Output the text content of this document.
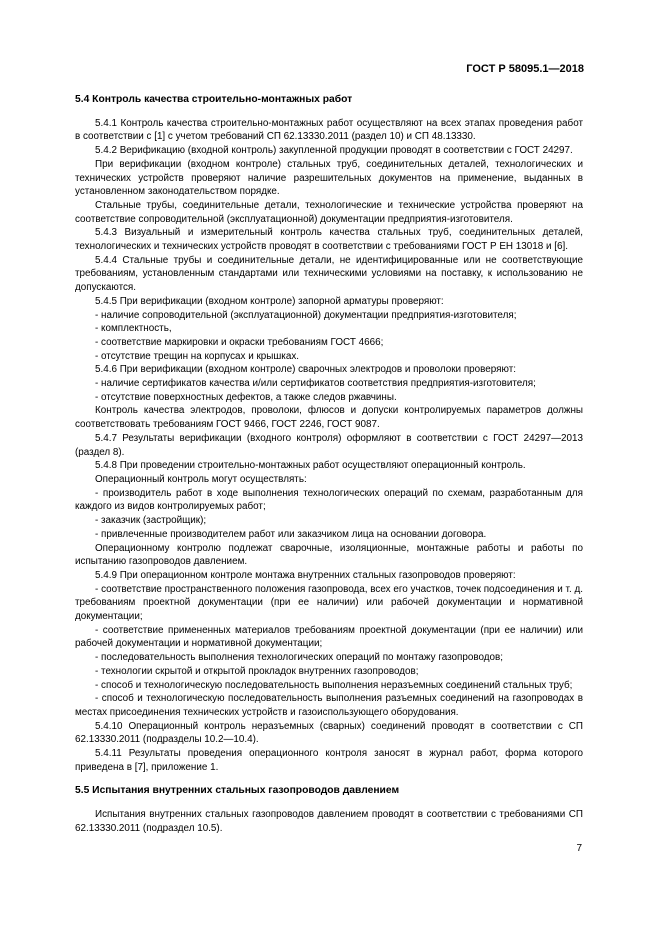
ГОСТ Р 58095.1—2018
5.4 Контроль качества строительно-монтажных работ

5.4.1 Контроль качества строительно-монтажных работ осуществляют на всех этапах проведения работ в соответствии с [1] с учетом требований СП 62.13330.2011 (раздел 10) и СП 48.13330.

5.4.2 Верификацию (входной контроль) закупленной продукции проводят в соответствии с ГОСТ 24297.

При верификации (входном контроле) стальных труб, соединительных деталей, технологических и технических устройств проверяют наличие разрешительных документов на применение, выданных в установленном законодательством порядке.

Стальные трубы, соединительные детали, технологические и технические устройства проверяют на соответствие сопроводительной (эксплуатационной) документации предприятия-изготовителя.

5.4.3 Визуальный и измерительный контроль качества стальных труб, соединительных деталей, технологических и технических устройств проводят в соответствии с требованиями ГОСТ Р ЕН 13018 и [6].

5.4.4 Стальные трубы и соединительные детали, не идентифицированные или не соответствующие требованиям, установленным стандартами или техническими условиями на поставку, к использованию не допускаются.

5.4.5 При верификации (входном контроле) запорной арматуры проверяют:

- наличие сопроводительной (эксплуатационной) документации предприятия-изготовителя;

- комплектность,

- соответствие маркировки и окраски требованиям ГОСТ 4666;

- отсутствие трещин на корпусах и крышках.

5.4.6 При верификации (входном контроле) сварочных электродов и проволоки проверяют:

- наличие сертификатов качества и/или сертификатов соответствия предприятия-изготовителя;

- отсутствие поверхностных дефектов, а также следов ржавчины.

Контроль качества электродов, проволоки, флюсов и допуски контролируемых параметров должны соответствовать требованиям ГОСТ 9466, ГОСТ 2246, ГОСТ 9087.

5.4.7 Результаты верификации (входного контроля) оформляют в соответствии с ГОСТ 24297—2013 (раздел 8).

5.4.8 При проведении строительно-монтажных работ осуществляют операционный контроль.

Операционный контроль могут осуществлять:

- производитель работ в ходе выполнения технологических операций по схемам, разработанным для каждого из видов контролируемых работ;

- заказчик (застройщик);

- привлеченные производителем работ или заказчиком лица на основании договора.

Операционному контролю подлежат сварочные, изоляционные, монтажные работы и работы по испытанию газопроводов давлением.

5.4.9 При операционном контроле монтажа внутренних стальных газопроводов проверяют:

- соответствие пространственного положения газопровода, всех его участков, точек подсоединения и т. д. требованиям проектной документации (при ее наличии) или рабочей документации и нормативной документации;

- соответствие примененных материалов требованиям проектной документации (при ее наличии) или рабочей документации и нормативной документации;

- последовательность выполнения технологических операций по монтажу газопроводов;

- технологии скрытой и открытой прокладок внутренних газопроводов;

- способ и технологическую последовательность выполнения неразъемных соединений стальных труб;

- способ и технологическую последовательность выполнения разъемных соединений на газопроводах в местах присоединения технических устройств и газоиспользующего оборудования.

5.4.10 Операционный контроль неразъемных (сварных) соединений проводят в соответствии с СП 62.13330.2011 (подразделы 10.2—10.4).

5.4.11 Результаты проведения операционного контроля заносят в журнал работ, форма которого приведена в [7], приложение 1.

5.5 Испытания внутренних стальных газопроводов давлением

Испытания внутренних стальных газопроводов давлением проводят в соответствии с требованиями СП 62.13330.2011 (подраздел 10.5).

7
